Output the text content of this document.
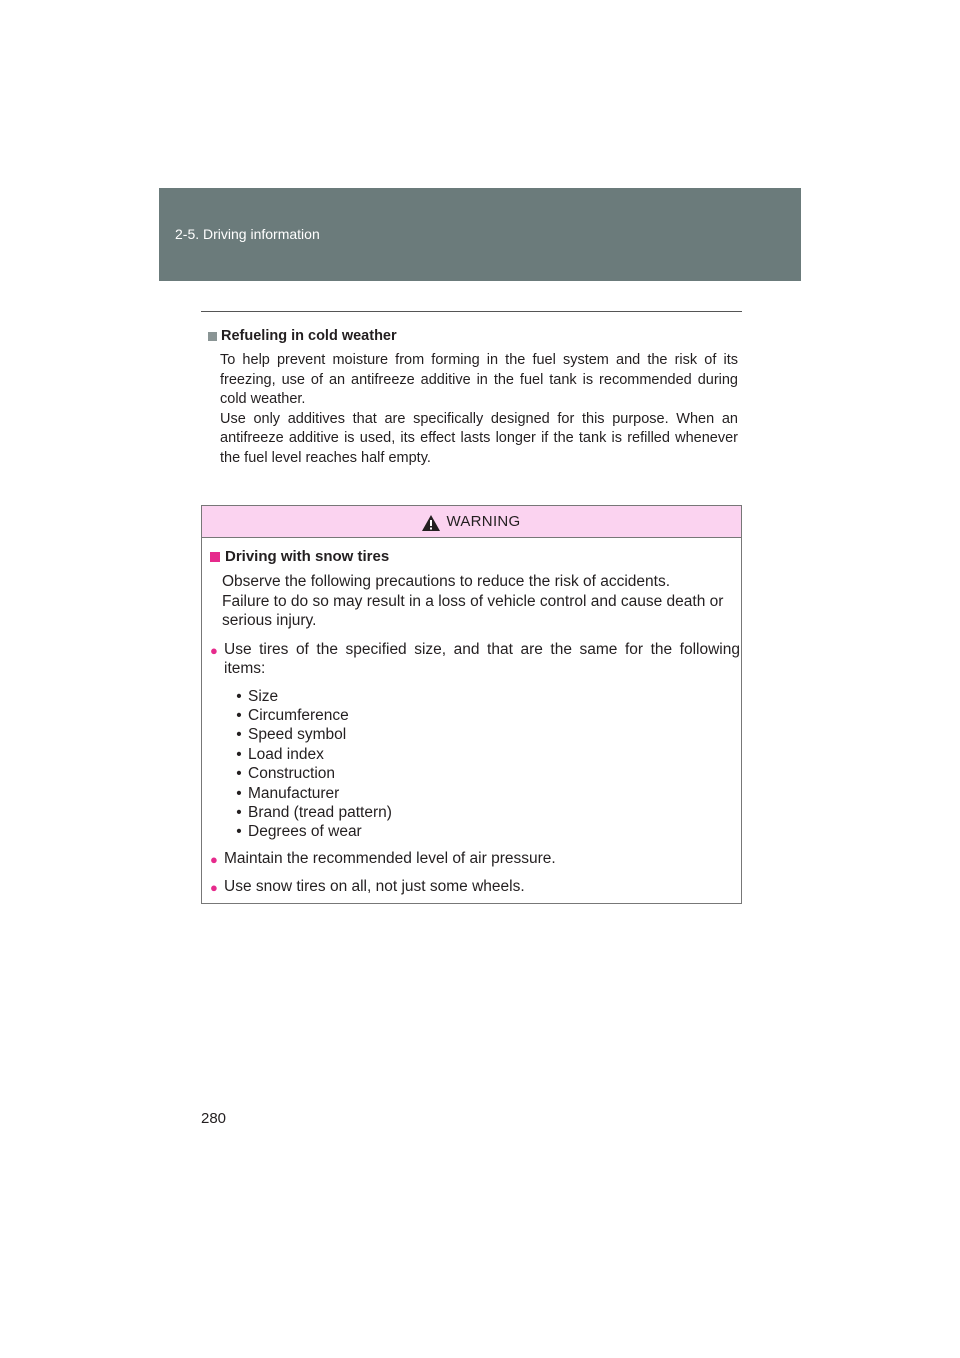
2-5. Driving information
Refueling in cold weather
To help prevent moisture from forming in the fuel system and the risk of its freezing, use of an antifreeze additive in the fuel tank is recommended during cold weather.
Use only additives that are specifically designed for this purpose. When an antifreeze additive is used, its effect lasts longer if the tank is refilled whenever the fuel level reaches half empty.
WARNING
Driving with snow tires
Observe the following precautions to reduce the risk of accidents.
Failure to do so may result in a loss of vehicle control and cause death or serious injury.
● Use tires of the specified size, and that are the same for the following items:
• Size
• Circumference
• Speed symbol
• Load index
• Construction
• Manufacturer
• Brand (tread pattern)
• Degrees of wear
● Maintain the recommended level of air pressure.
● Use snow tires on all, not just some wheels.
280
